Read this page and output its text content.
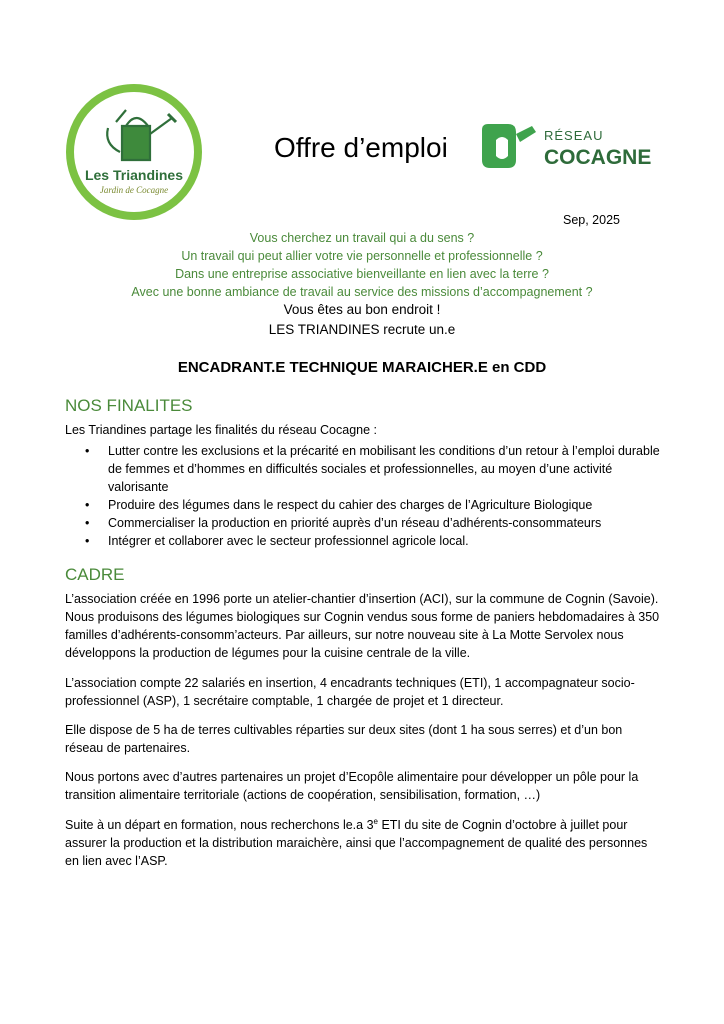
Les Triandines
Jardin de Cocagne
Offre d’emploi	RÉSEAU
COCAGNE
Sep, 2025
Vous cherchez un travail qui a du sens ?
Un travail qui peut allier votre vie personnelle et professionnelle ?
Dans une entreprise associative bienveillante en lien avec la terre ?
Avec une bonne ambiance de travail au service des missions d’accompagnement ?
Vous êtes au bon endroit !
LES TRIANDINES recrute un.e
ENCADRANT.E TECHNIQUE MARAICHER.E en CDD
NOS FINALITES
Les Triandines partage les finalités du réseau Cocagne :
• Lutter contre les exclusions et la précarité en mobilisant les conditions d’un retour à l’emploi durable de femmes et d’hommes en difficultés sociales et professionnelles, au moyen d’une activité valorisante
• Produire des légumes dans le respect du cahier des charges de l’Agriculture Biologique
• Commercialiser la production en priorité auprès d’un réseau d’adhérents-consommateurs
• Intégrer et collaborer avec le secteur professionnel agricole local.
CADRE
L’association créée en 1996 porte un atelier-chantier d’insertion (ACI), sur la commune de Cognin (Savoie). Nous produisons des légumes biologiques sur Cognin vendus sous forme de paniers hebdomadaires à 350 familles d’adhérents-consomm’acteurs. Par ailleurs, sur notre nouveau site à La Motte Servolex nous développons la production de légumes pour la cuisine centrale de la ville.
L’association compte 22 salariés en insertion, 4 encadrants techniques (ETI), 1 accompagnateur socio-professionnel (ASP), 1 secrétaire comptable, 1 chargée de projet et 1 directeur.
Elle dispose de 5 ha de terres cultivables réparties sur deux sites (dont 1 ha sous serres) et d’un bon réseau de partenaires.
Nous portons avec d’autres partenaires un projet d’Ecopôle alimentaire pour développer un pôle pour la transition alimentaire territoriale (actions de coopération, sensibilisation, formation, …)
Suite à un départ en formation, nous recherchons le.a 3e ETI du site de Cognin d’octobre à juillet pour assurer la production et la distribution maraichère, ainsi que l’accompagnement de qualité des personnes en lien avec l’ASP.
